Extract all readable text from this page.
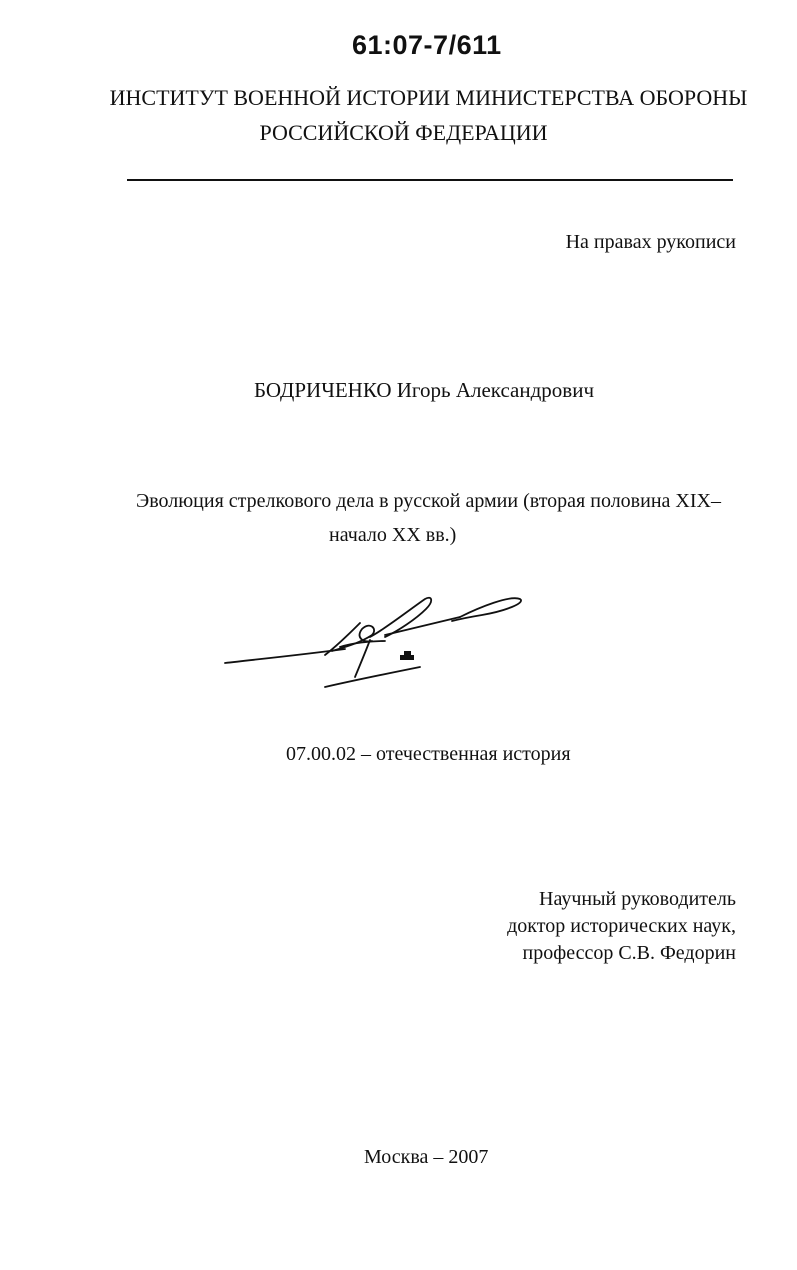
61:07-7/611
ИНСТИТУТ ВОЕННОЙ ИСТОРИИ МИНИСТЕРСТВА ОБОРОНЫ
РОССИЙСКОЙ ФЕДЕРАЦИИ
На правах рукописи
БОДРИЧЕНКО Игорь Александрович
Эволюция стрелкового дела в русской армии (вторая половина XIX–
начало XX вв.)
07.00.02 – отечественная история
Научный руководитель
доктор исторических наук,
профессор С.В. Федорин
Москва – 2007
